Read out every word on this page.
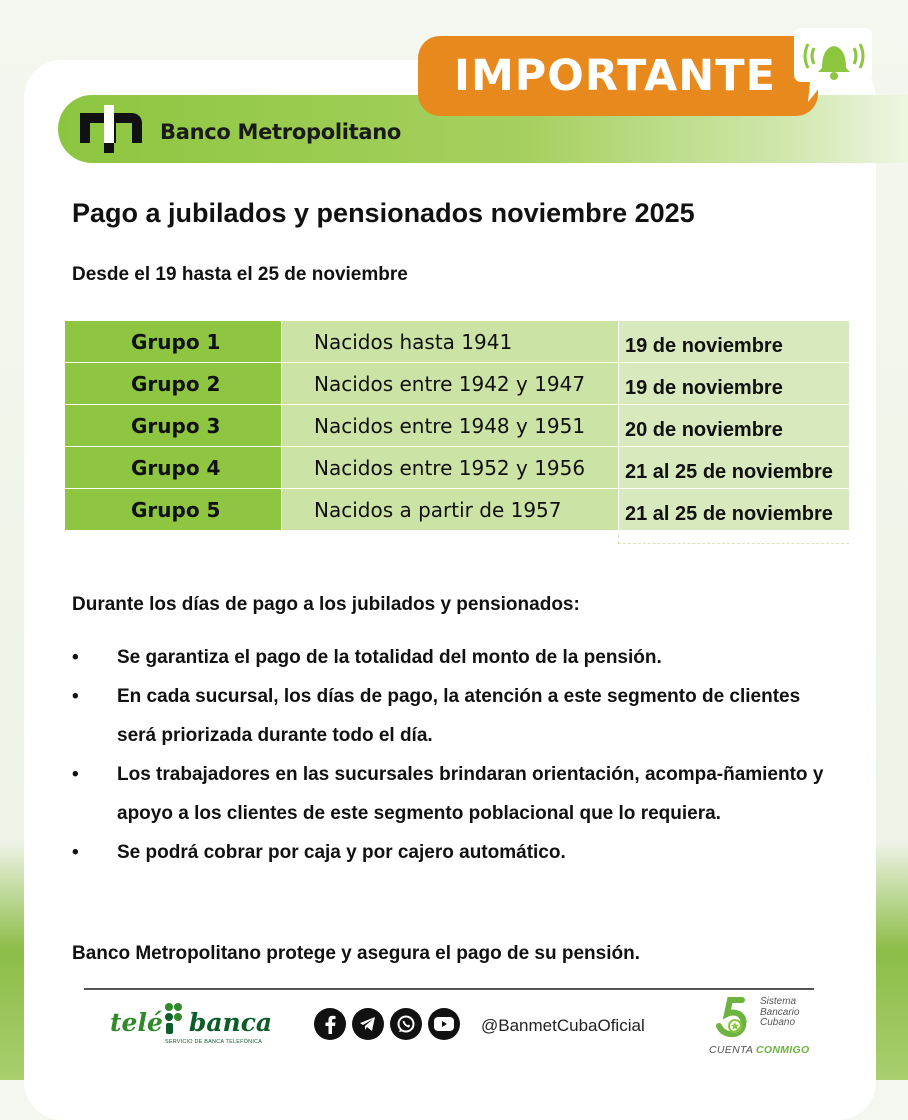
Banco Metropolitano
IMPORTANTE
Pago a jubilados y pensionados noviembre 2025
Desde el 19 hasta el 25 de noviembre
Grupo 1	Nacidos hasta 1941	19 de noviembre
Grupo 2	Nacidos entre 1942 y 1947	19 de noviembre
Grupo 3	Nacidos entre 1948 y 1951	20 de noviembre
Grupo 4	Nacidos entre 1952 y 1956	21 al 25 de noviembre
Grupo 5	Nacidos a partir de 1957	21 al 25 de noviembre
Durante los días de pago a los jubilados y pensionados:
• Se garantiza el pago de la totalidad del monto de la pensión.
• En cada sucursal, los días de pago, la atención a este segmento de clientes será priorizada durante todo el día.
• Los trabajadores en las sucursales brindaran orientación, acompa-ñamiento y apoyo a los clientes de este segmento poblacional que lo requiera.
• Se podrá cobrar por caja y por cajero automático.
Banco Metropolitano protege y asegura el pago de su pensión.
telé banca
SERVICIO DE BANCA TELEFÓNICA
@BanmetCubaOficial
Sistema
Bancario
Cubano
CUENTA CONMIGO
